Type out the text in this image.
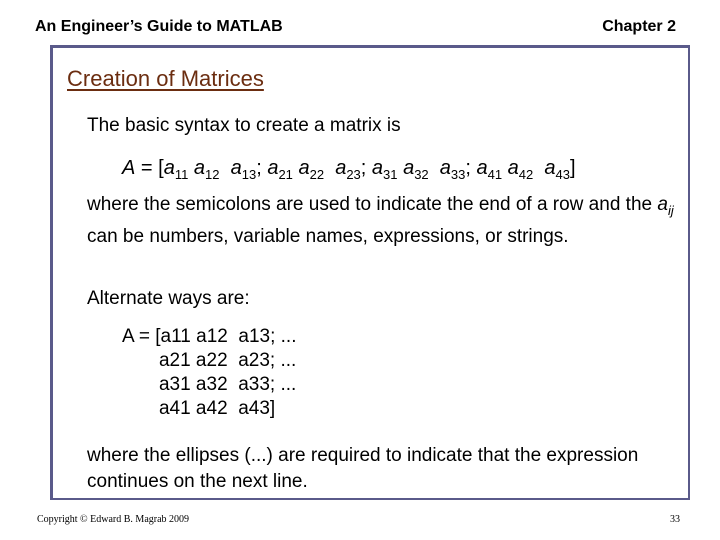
An Engineer’s Guide to MATLAB	Chapter 2
Creation of Matrices
The basic syntax to create a matrix is
$A = [a_{11}$ $a_{12}$ $a_{13}$; $a_{21}$ $a_{22}$ $a_{23}$; $a_{31}$ $a_{32}$ $a_{33}$; $a_{41}$ $a_{42}$ $a_{43}$]
where the semicolons are used to indicate the end of a row and the $a_{ij}$ can be numbers, variable names, expressions, or strings.
Alternate ways are:
A = [a11 a12  a13; ...
a21 a22  a23; ...
a31 a32  a33; ...
a41 a42  a43]
where the ellipses (...) are required to indicate that the expression continues on the next line.
Copyright © Edward B. Magrab 2009	33
